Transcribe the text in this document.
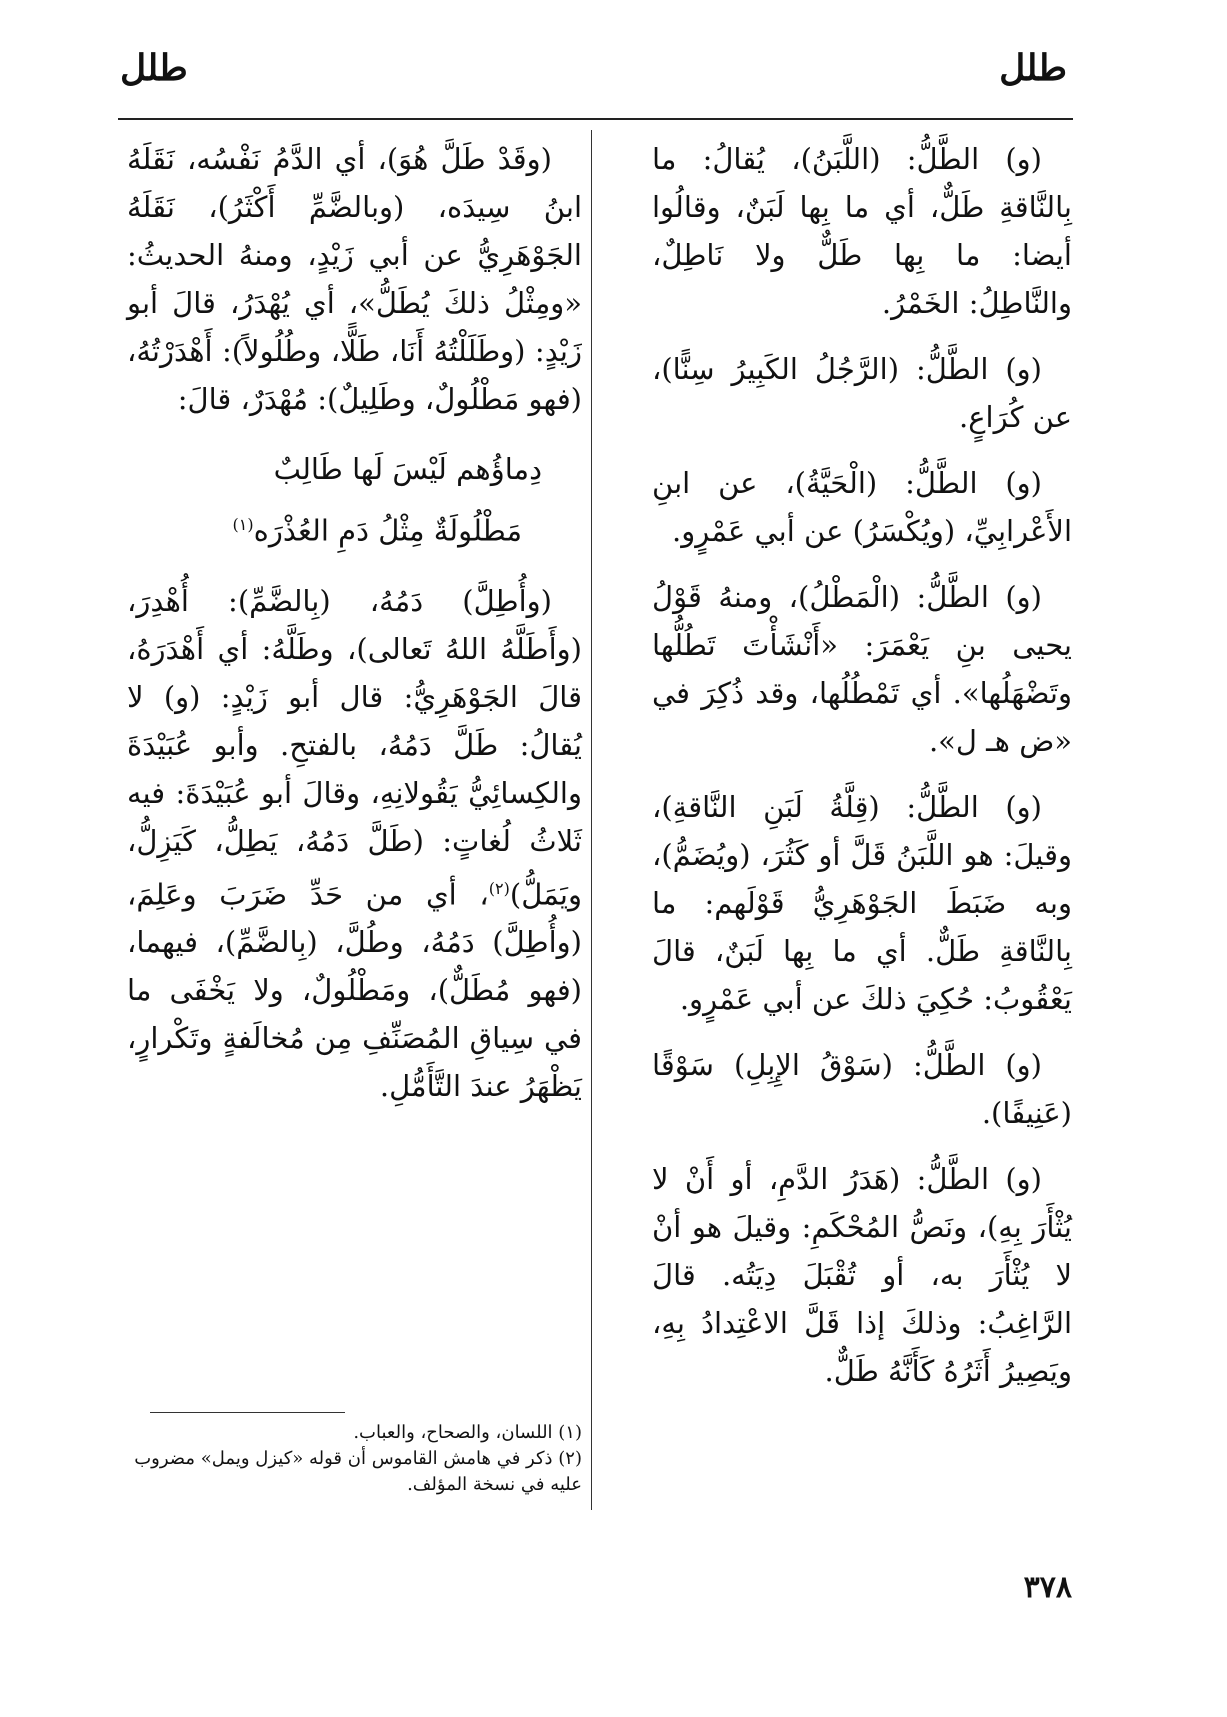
طلل
طلل
(و) الطَّلُّ: (اللَّبَنُ)، يُقالُ: ما بِالنَّاقةِ طَلٌّ، أي ما بِها لَبَنٌ، وقالُوا أيضا: ما بِها طَلٌّ ولا نَاطِلٌ، والنَّاطِلُ: الخَمْرُ.
(و) الطَّلُّ: (الرَّجُلُ الكَبِيرُ سِنًّا)، عن كُرَاعٍ.
(و) الطَّلُّ: (الْحَيَّةُ)، عن ابنِ الأَعْرابِيِّ، (ويُكْسَرُ) عن أبي عَمْرٍو.
(و) الطَّلُّ: (الْمَطْلُ)، ومنهُ قَوْلُ يحيى بنِ يَعْمَرَ: «أَنْشَأْتَ تَطُلُّها وتَضْهَلُها». أي تَمْطُلُها، وقد ذُكِرَ في «ض هـ ل».
(و) الطَّلُّ: (قِلَّةُ لَبَنِ النَّاقةِ)، وقيلَ: هو اللَّبَنُ قَلَّ أو كَثُرَ، (ويُضَمُّ)، وبه ضَبَطَ الجَوْهَرِيُّ قَوْلَهم: ما بِالنَّاقةِ طَلٌّ. أي ما بِها لَبَنٌ، قالَ يَعْقُوبُ: حُكِيَ ذلكَ عن أبي عَمْرٍو.
(و) الطَّلُّ: (سَوْقُ الإِبِلِ) سَوْقًا (عَنِيفًا).
(و) الطَّلُّ: (هَدَرُ الدَّمِ، أو أَنْ لا يُثْأَرَ بِهِ)، ونَصُّ المُحْكَمِ: وقيلَ هو أنْ لا يُثْأَرَ به، أو تُقْبَلَ دِيَتُه. قالَ الرَّاغِبُ: وذلكَ إذا قَلَّ الاعْتِدادُ بِهِ، ويَصِيرُ أَثَرُهُ كَأَنَّهُ طَلٌّ.
(وقَدْ طَلَّ هُوَ)، أي الدَّمُ نَفْسُه، نَقَلَهُ ابنُ سِيدَه، (وبالضَّمِّ أَكْثَرُ)، نَقَلَهُ الجَوْهَرِيُّ عن أبي زَيْدٍ، ومنهُ الحديثُ: «ومِثْلُ ذلكَ يُطَلُّ»، أي يُهْدَرُ، قالَ أبو زَيْدٍ: (وطَلَلْتُهُ أَنَا، طَلًّا، وطُلُولاً): أَهْدَرْتُهُ، (فهو مَطْلُولٌ، وطَلِيلٌ): مُهْدَرٌ، قالَ:
دِماؤُهم لَيْسَ لَها طَالِبٌ
مَطْلُولَةٌ مِثْلُ دَمِ العُذْرَه$^{(١)}$
(وأُطِلَّ) دَمُهُ، (بِالضَّمِّ): أُهْدِرَ، (وأَطَلَّهُ اللهُ تَعالى)، وطَلَّهُ: أي أَهْدَرَهُ، قالَ الجَوْهَرِيُّ: قال أبو زَيْدٍ: (و) لا يُقالُ: طَلَّ دَمُهُ، بالفتحِ. وأبو عُبَيْدَةَ والكِسائِيُّ يَقُولانِهِ، وقالَ أبو عُبَيْدَةَ: فيه ثَلاثُ لُغاتٍ: (طَلَّ دَمُهُ، يَطِلُّ، كَيَزِلُّ، ويَمَلُّ)$^{(٢)}$، أي من حَدِّ ضَرَبَ وعَلِمَ، (وأُطِلَّ) دَمُهُ، وطُلَّ، (بِالضَّمِّ)، فيهما، (فهو مُطَلٌّ)، ومَطْلُولٌ، ولا يَخْفَى ما في سِياقِ المُصَنِّفِ مِن مُخالَفةٍ وتَكْرارٍ، يَظْهَرُ عندَ التَّأَمُّلِ.
(١) اللسان، والصحاح، والعباب.
(٢) ذكر في هامش القاموس أن قوله «كيزل ويمل» مضروب عليه في نسخة المؤلف.
٣٧٨
